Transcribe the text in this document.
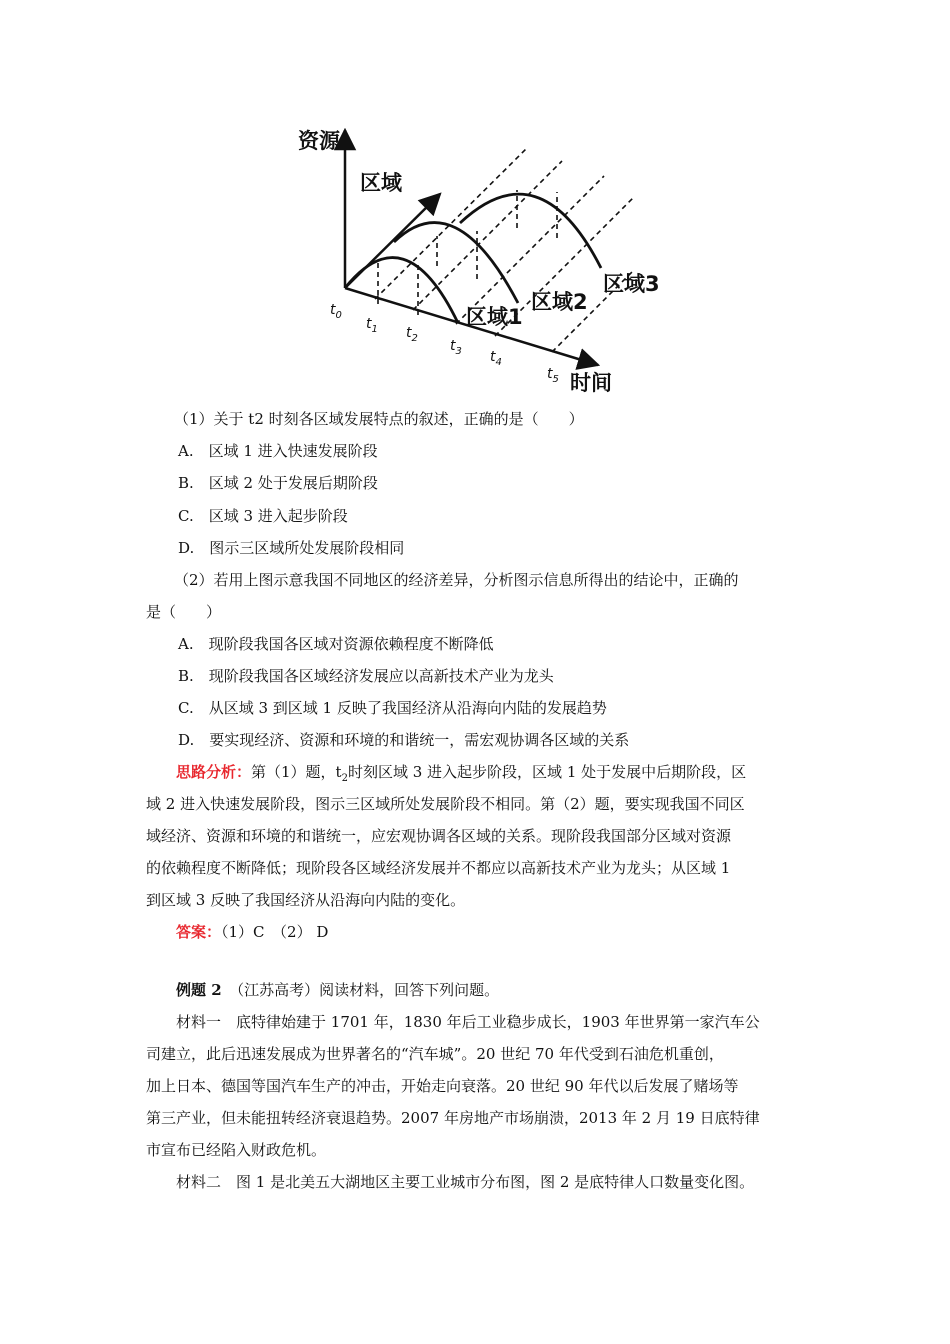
资源
区域
时间
区域1
区域2
区域3
$t_0$
$t_1$ $t_2$ $t_3$ $t_4$
$t_5$
（1）关于 t2 时刻各区域发展特点的叙述，正确的是（　　）
A.　区域 1 进入快速发展阶段
B.　区域 2 处于发展后期阶段
C.　区域 3 进入起步阶段
D.　图示三区域所处发展阶段相同
（2）若用上图示意我国不同地区的经济差异，分析图示信息所得出的结论中，正确的
是（　　）
A.　现阶段我国各区域对资源依赖程度不断降低
B.　现阶段我国各区域经济发展应以高新技术产业为龙头
C.　从区域 3 到区域 1 反映了我国经济从沿海向内陆的发展趋势
D.　要实现经济、资源和环境的和谐统一，需宏观协调各区域的关系
思路分析：第（1）题，$t_2$时刻区域 3 进入起步阶段，区域 1 处于发展中后期阶段，区
域 2 进入快速发展阶段，图示三区域所处发展阶段不相同。第（2）题，要实现我国不同区
域经济、资源和环境的和谐统一，应宏观协调各区域的关系。现阶段我国部分区域对资源
的依赖程度不断降低；现阶段各区域经济发展并不都应以高新技术产业为龙头；从区域 1
到区域 3 反映了我国经济从沿海向内陆的变化。
答案：（1）C　（2） D
例题 2　（江苏高考）阅读材料，回答下列问题。
材料一　底特律始建于 1701 年，1830 年后工业稳步成长，1903 年世界第一家汽车公
司建立，此后迅速发展成为世界著名的“汽车城”。20 世纪 70 年代受到石油危机重创，
加上日本、德国等国汽车生产的冲击，开始走向衰落。20 世纪 90 年代以后发展了赌场等
第三产业，但未能扭转经济衰退趋势。2007 年房地产市场崩溃，2013 年 2 月 19 日底特律
市宣布已经陷入财政危机。
材料二　图 1 是北美五大湖地区主要工业城市分布图，图 2 是底特律人口数量变化图。
